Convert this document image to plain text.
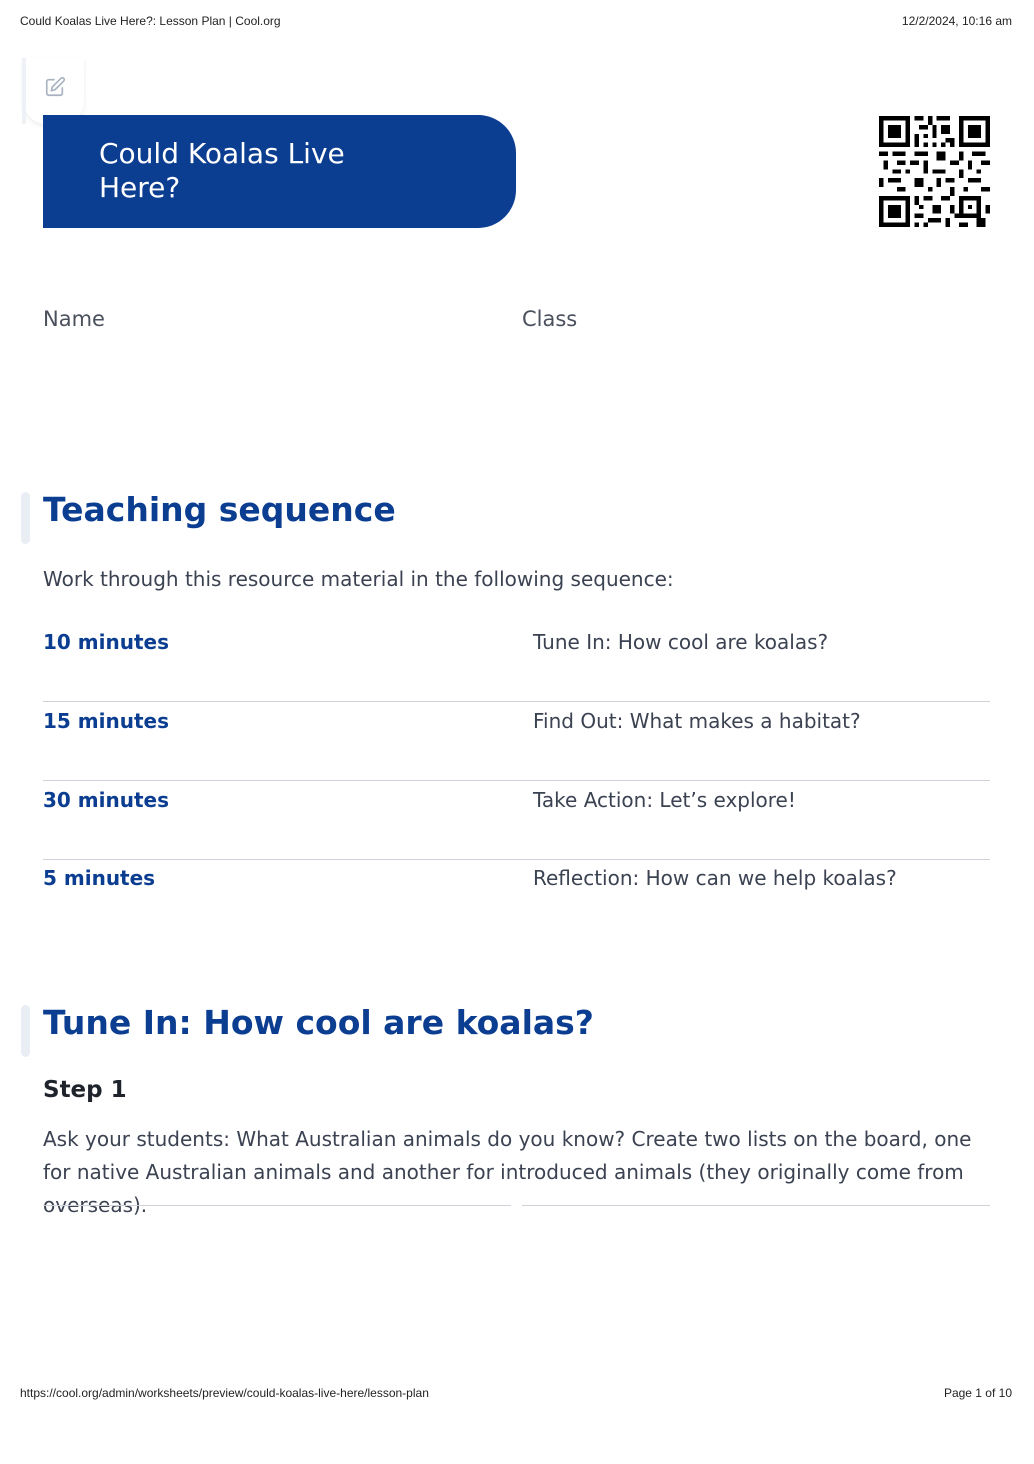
Could Koalas Live Here?: Lesson Plan | Cool.org	12/2/2024, 10:16 am
Could Koalas Live
Here?
Name	Class
Teaching sequence
Work through this resource material in the following sequence:
10 minutes	Tune In: How cool are koalas?
15 minutes	Find Out: What makes a habitat?
30 minutes	Take Action: Let’s explore!
5 minutes	Reflection: How can we help koalas?
Tune In: How cool are koalas?
Step 1
Ask your students: What Australian animals do you know? Create two lists on the board, one for native Australian animals and another for introduced animals (they originally come from overseas).
https://cool.org/admin/worksheets/preview/could-koalas-live-here/lesson-plan	Page 1 of 10
